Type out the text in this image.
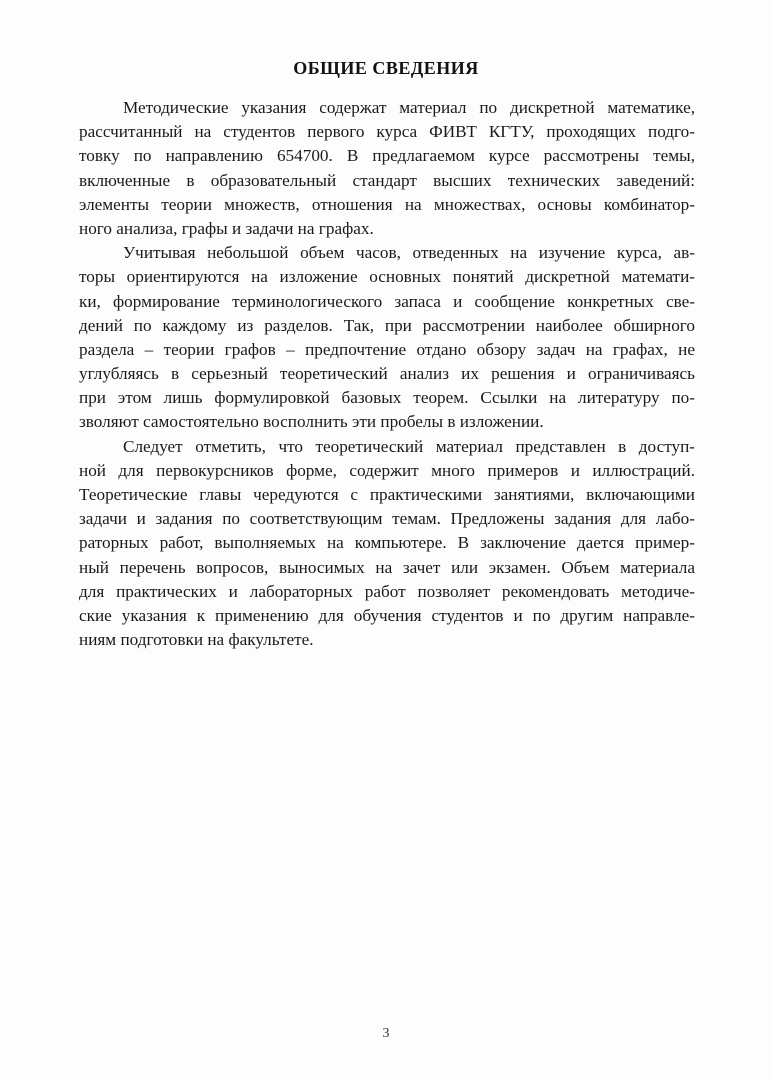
ОБЩИЕ СВЕДЕНИЯ
Методические указания содержат материал по дискретной математике,
рассчитанный на студентов первого курса ФИВТ КГТУ, проходящих подго-
товку по направлению 654700. В предлагаемом курсе рассмотрены темы,
включенные в образовательный стандарт высших технических заведений:
элементы теории множеств, отношения на множествах, основы комбинатор-
ного анализа, графы и задачи на графах.
Учитывая небольшой объем часов, отведенных на изучение курса, ав-
торы ориентируются на изложение основных понятий дискретной математи-
ки, формирование терминологического запаса и сообщение конкретных све-
дений по каждому из разделов. Так, при рассмотрении наиболее обширного
раздела – теории графов – предпочтение отдано обзору задач на графах, не
углубляясь в серьезный теоретический анализ их решения и ограничиваясь
при этом лишь формулировкой базовых теорем. Ссылки на литературу по-
зволяют самостоятельно восполнить эти пробелы в изложении.
Следует отметить, что теоретический материал представлен в доступ-
ной для первокурсников форме, содержит много примеров и иллюстраций.
Теоретические главы чередуются с практическими занятиями, включающими
задачи и задания по соответствующим темам. Предложены задания для лабо-
раторных работ, выполняемых на компьютере. В заключение дается пример-
ный перечень вопросов, выносимых на зачет или экзамен. Объем материала
для практических и лабораторных работ позволяет рекомендовать методиче-
ские указания к применению для обучения студентов и по другим направле-
ниям подготовки на факультете.
3
